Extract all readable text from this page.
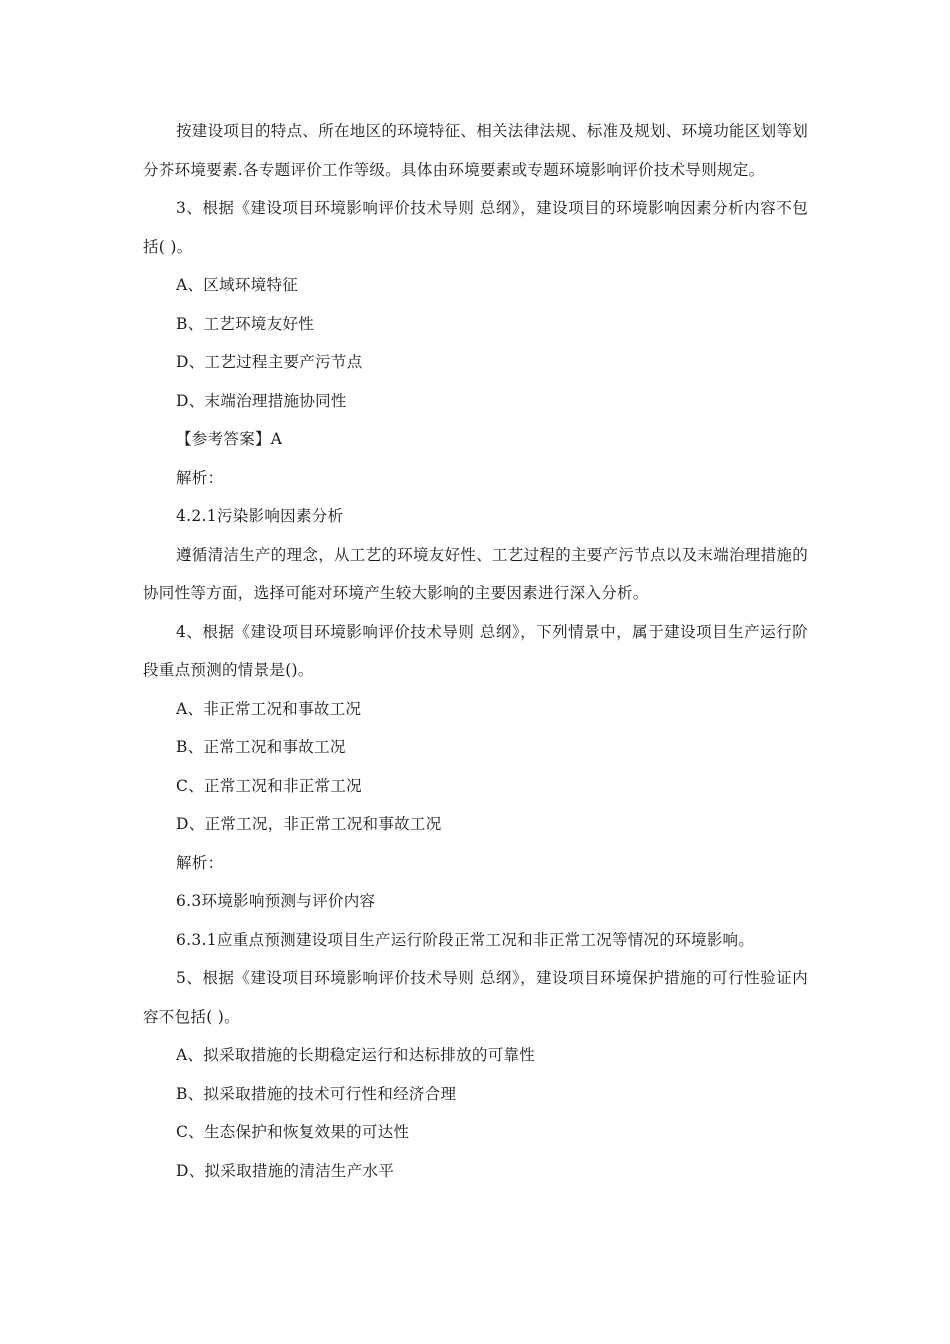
按建设项目的特点、所在地区的环境特征、相关法律法规、标准及规划、环境功能区划等划分芥环境要素.各专题评价工作等级。具体由环境要素或专题环境影响评价技术导则规定。

3、根据《建设项目环境影响评价技术导则 总纲》，建设项目的环境影响因素分析内容不包括( )。

A、区域环境特征

B、工艺环境友好性

D、工艺过程主要产污节点

D、末端治理措施协同性

【参考答案】A

解析：

4.2.1污染影响因素分析

遵循清洁生产的理念，从工艺的环境友好性、工艺过程的主要产污节点以及末端治理措施的协同性等方面，选择可能对环境产生较大影响的主要因素进行深入分析。

4、根据《建设项目环境影响评价技术导则 总纲》，下列情景中，属于建设项目生产运行阶段重点预测的情景是()。

A、非正常工况和事故工况

B、正常工况和事故工况

C、正常工况和非正常工况

D、正常工况，非正常工况和事故工况

解析：

6.3环境影响预测与评价内容

6.3.1应重点预测建设项目生产运行阶段正常工况和非正常工况等情况的环境影响。

5、根据《建设项目环境影响评价技术导则 总纲》，建设项目环境保护措施的可行性验证内容不包括( )。

A、拟采取措施的长期稳定运行和达标排放的可靠性

B、拟采取措施的技术可行性和经济合理

C、生态保护和恢复效果的可达性

D、拟采取措施的清洁生产水平
